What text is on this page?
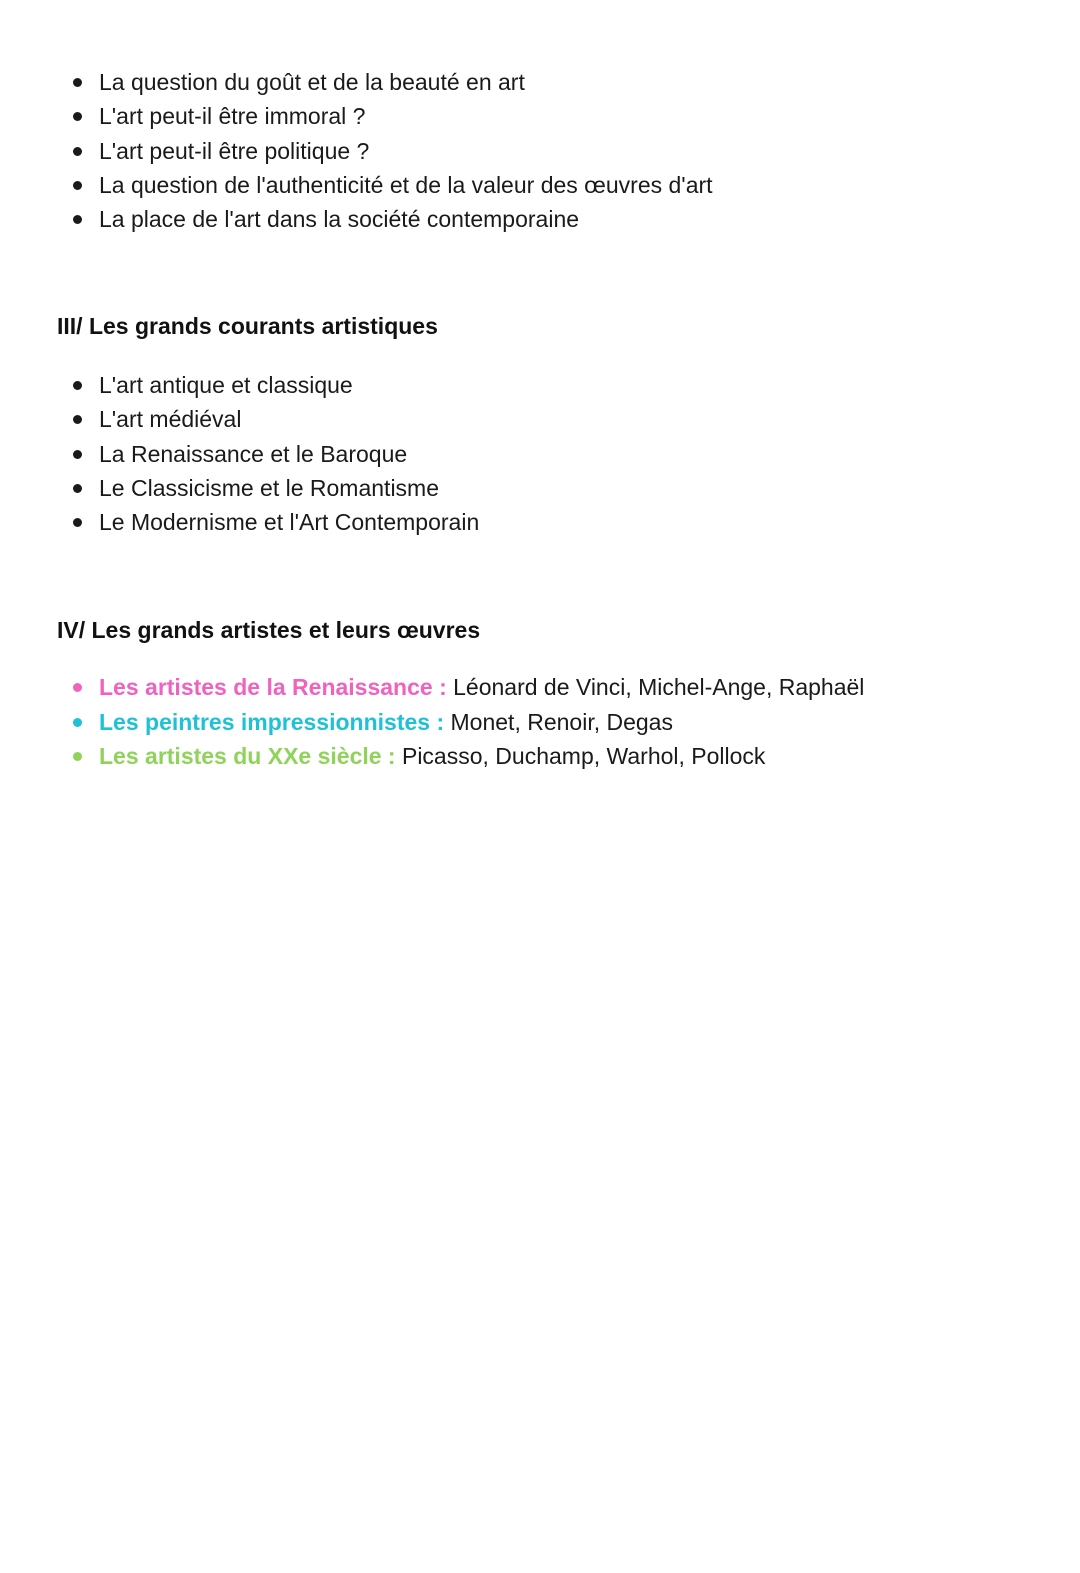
La question du goût et de la beauté en art
L'art peut-il être immoral ?
L'art peut-il être politique ?
La question de l'authenticité et de la valeur des œuvres d'art
La place de l'art dans la société contemporaine
III/ Les grands courants artistiques
L'art antique et classique
L'art médiéval
La Renaissance et le Baroque
Le Classicisme et le Romantisme
Le Modernisme et l'Art Contemporain
IV/ Les grands artistes et leurs œuvres
Les artistes de la Renaissance : Léonard de Vinci, Michel-Ange, Raphaël
Les peintres impressionnistes : Monet, Renoir, Degas
Les artistes du XXe siècle : Picasso, Duchamp, Warhol, Pollock
